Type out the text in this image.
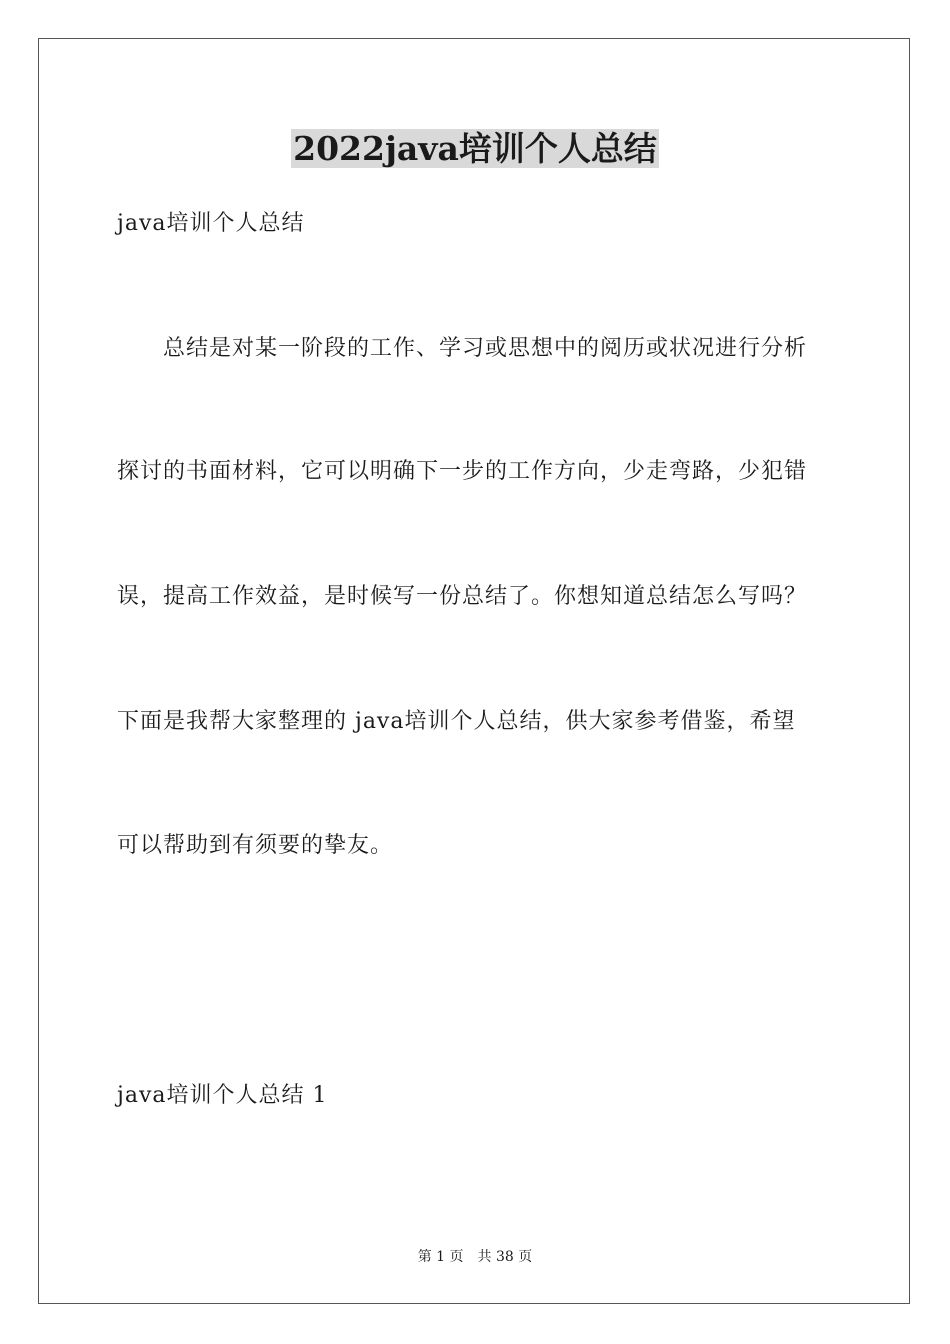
2022java培训个人总结

java培训个人总结

总结是对某一阶段的工作、学习或思想中的阅历或状况进行分析

探讨的书面材料，它可以明确下一步的工作方向，少走弯路，少犯错

误，提高工作效益，是时候写一份总结了。你想知道总结怎么写吗？

下面是我帮大家整理的 java培训个人总结，供大家参考借鉴，希望

可以帮助到有须要的挚友。

java培训个人总结 1

第 1 页 共 38 页
